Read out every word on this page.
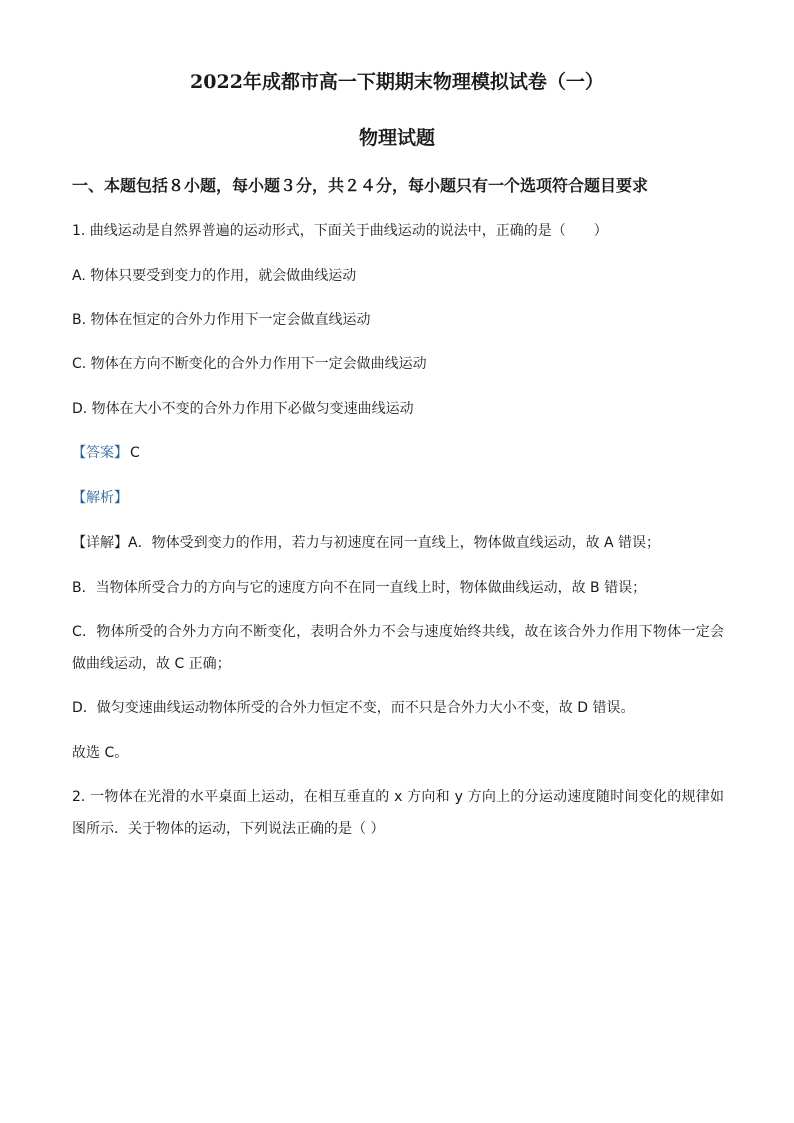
2022年成都市高一下期期末物理模拟试卷（一）
物理试题
一、本题包括８小题，每小题３分，共２４分，每小题只有一个选项符合题目要求
1. 曲线运动是自然界普遍的运动形式，下面关于曲线运动的说法中，正确的是（　　）
A. 物体只要受到变力的作用，就会做曲线运动
B. 物体在恒定的合外力作用下一定会做直线运动
C. 物体在方向不断变化的合外力作用下一定会做曲线运动
D. 物体在大小不变的合外力作用下必做匀变速曲线运动
【答案】 C
【解析】
【详解】A．物体受到变力的作用，若力与初速度在同一直线上，物体做直线运动，故 A 错误；
B．当物体所受合力的方向与它的速度方向不在同一直线上时，物体做曲线运动，故 B 错误；
C．物体所受的合外力方向不断变化，表明合外力不会与速度始终共线，故在该合外力作用下物体一定会做曲线运动，故 C 正确；
D．做匀变速曲线运动物体所受的合外力恒定不变，而不只是合外力大小不变，故 D 错误。
故选 C。
2. 一物体在光滑的水平桌面上运动，在相互垂直的 x 方向和 y 方向上的分运动速度随时间变化的规律如图所示．关于物体的运动，下列说法正确的是（ ）
